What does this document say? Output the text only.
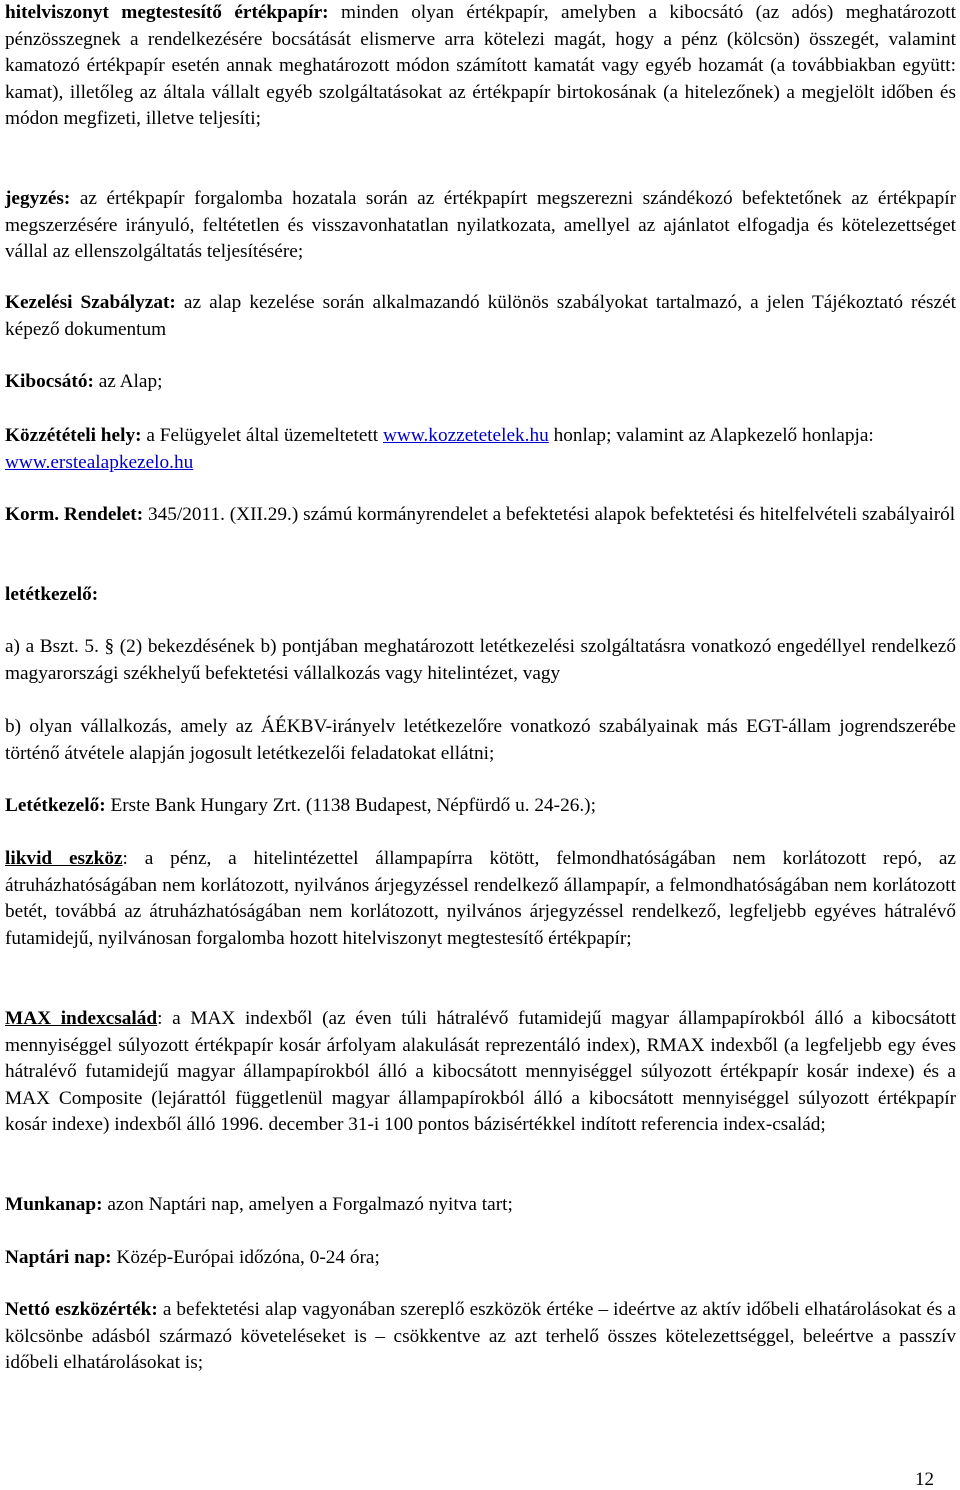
hitelviszonyt megtestesítő értékpapír: minden olyan értékpapír, amelyben a kibocsátó (az adós) meghatározott pénzösszegnek a rendelkezésére bocsátását elismerve arra kötelezi magát, hogy a pénz (kölcsön) összegét, valamint kamatozó értékpapír esetén annak meghatározott módon számított kamatát vagy egyéb hozamát (a továbbiakban együtt: kamat), illetőleg az általa vállalt egyéb szolgáltatásokat az értékpapír birtokosának (a hitelezőnek) a megjelölt időben és módon megfizeti, illetve teljesíti;

jegyzés: az értékpapír forgalomba hozatala során az értékpapírt megszerezni szándékozó befektetőnek az értékpapír megszerzésére irányuló, feltétetlen és visszavonhatatlan nyilatkozata, amellyel az ajánlatot elfogadja és kötelezettséget vállal az ellenszolgáltatás teljesítésére;

Kezelési Szabályzat: az alap kezelése során alkalmazandó különös szabályokat tartalmazó, a jelen Tájékoztató részét képező dokumentum

Kibocsátó: az Alap;

Közzétételi hely: a Felügyelet által üzemeltetett www.kozzetetelek.hu honlap; valamint az Alapkezelő honlapja: www.erstealapkezelo.hu

Korm. Rendelet: 345/2011. (XII.29.) számú kormányrendelet a befektetési alapok befektetési és hitelfelvételi szabályairól

letétkezelő:

a) a Bszt. 5. § (2) bekezdésének b) pontjában meghatározott letétkezelési szolgáltatásra vonatkozó engedéllyel rendelkező magyarországi székhelyű befektetési vállalkozás vagy hitelintézet, vagy

b) olyan vállalkozás, amely az ÁÉKBV-irányelv letétkezelőre vonatkozó szabályainak más EGT-állam jogrendszerébe történő átvétele alapján jogosult letétkezelői feladatokat ellátni;

Letétkezelő: Erste Bank Hungary Zrt. (1138 Budapest, Népfürdő u. 24-26.);

likvid eszköz: a pénz, a hitelintézettel állampapírra kötött, felmondhatóságában nem korlátozott repó, az átruházhatóságában nem korlátozott, nyilvános árjegyzéssel rendelkező állampapír, a felmondhatóságában nem korlátozott betét, továbbá az átruházhatóságában nem korlátozott, nyilvános árjegyzéssel rendelkező, legfeljebb egyéves hátralévő futamidejű, nyilvánosan forgalomba hozott hitelviszonyt megtestesítő értékpapír;

MAX indexcsalád: a MAX indexből (az éven túli hátralévő futamidejű magyar állampapírokból álló a kibocsátott mennyiséggel súlyozott értékpapír kosár árfolyam alakulását reprezentáló index), RMAX indexből (a legfeljebb egy éves hátralévő futamidejű magyar állampapírokból álló a kibocsátott mennyiséggel súlyozott értékpapír kosár indexe) és a MAX Composite (lejárattól függetlenül magyar állampapírokból álló a kibocsátott mennyiséggel súlyozott értékpapír kosár indexe) indexből álló 1996. december 31-i 100 pontos bázisértékkel indított referencia index-család;

Munkanap: azon Naptári nap, amelyen a Forgalmazó nyitva tart;

Naptári nap: Közép-Európai időzóna, 0-24 óra;

Nettó eszközérték: a befektetési alap vagyonában szereplő eszközök értéke – ideértve az aktív időbeli elhatárolásokat és a kölcsönbe adásból származó követeléseket is – csökkentve az azt terhelő összes kötelezettséggel, beleértve a passzív időbeli elhatárolásokat is;

12
